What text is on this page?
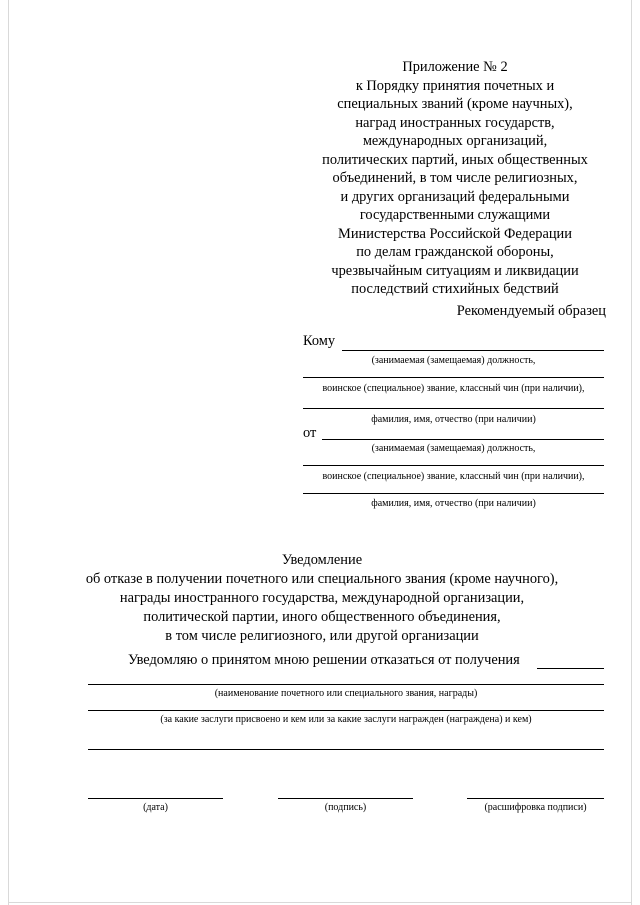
Приложение № 2
к Порядку принятия почетных и
специальных званий (кроме научных),
наград иностранных государств,
международных организаций,
политических партий, иных общественных
объединений, в том числе религиозных,
и других организаций федеральными
государственными служащими
Министерства Российской Федерации
по делам гражданской обороны,
чрезвычайным ситуациям и ликвидации
последствий стихийных бедствий
Рекомендуемый образец
Кому
(занимаемая (замещаемая) должность,
воинское (специальное) звание, классный чин (при наличии),
фамилия, имя, отчество (при наличии)
от
(занимаемая (замещаемая) должность,
воинское (специальное) звание, классный чин (при наличии),
фамилия, имя, отчество (при наличии)
Уведомление
об отказе в получении почетного или специального звания (кроме научного),
награды иностранного государства, международной организации,
политической партии, иного общественного объединения,
в том числе религиозного, или другой организации
Уведомляю о принятом мною решении отказаться от получения
(наименование почетного или специального звания, награды)
(за какие заслуги присвоено и кем или за какие заслуги награжден (награждена) и кем)
(дата)	(подпись)	(расшифровка подписи)
